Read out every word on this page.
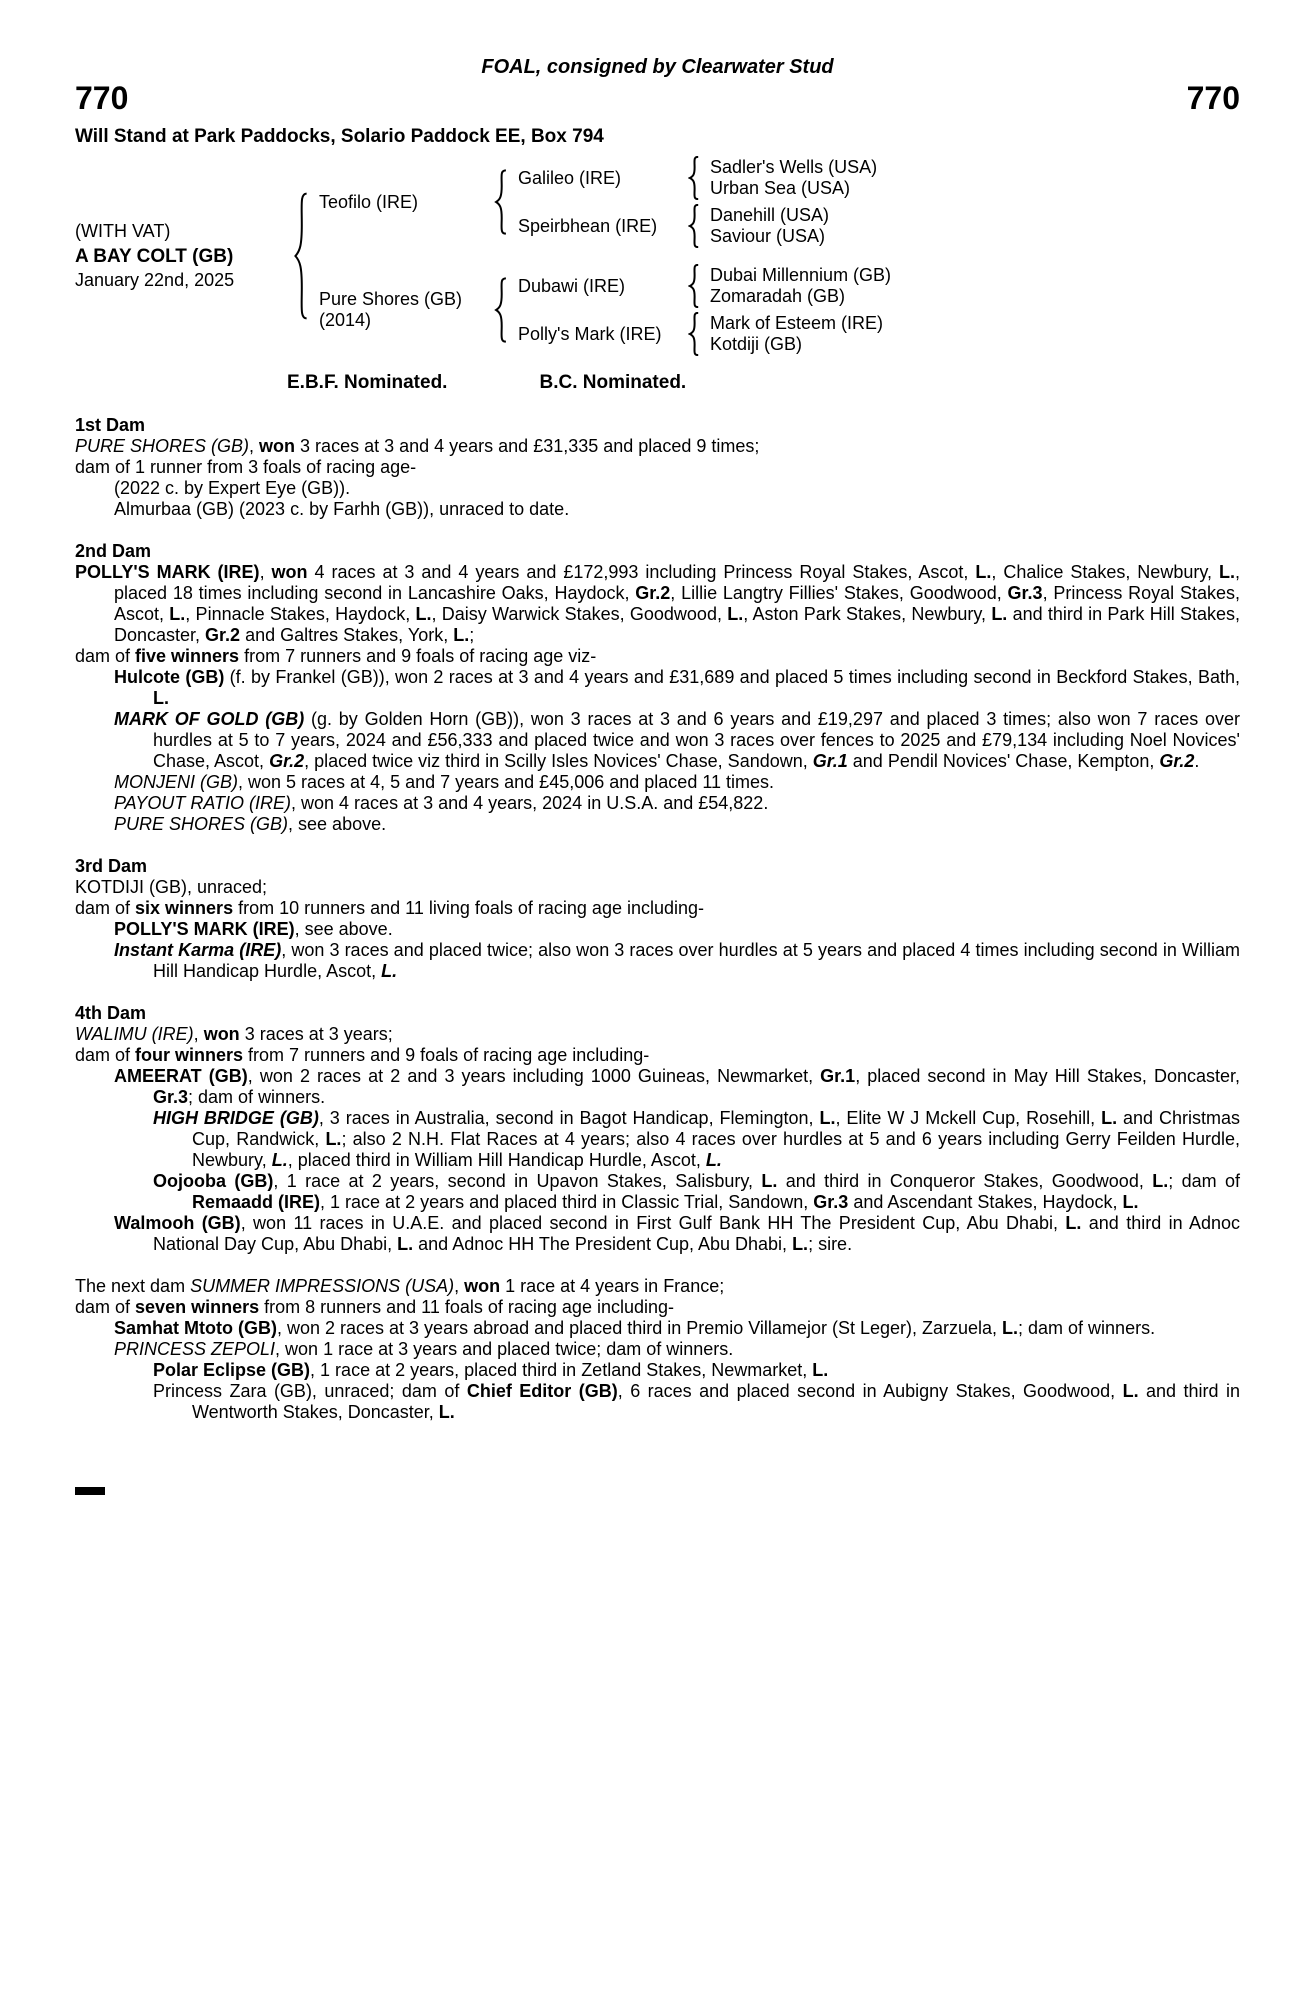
FOAL, consigned by Clearwater Stud
770	770
Will Stand at Park Paddocks, Solario Paddock EE, Box 794
(WITH VAT)
A BAY COLT (GB)
January 22nd, 2025
Teofilo (IRE)
Galileo (IRE)
Sadler's Wells (USA)
Urban Sea (USA)
Speirbhean (IRE)
Danehill (USA)
Saviour (USA)
Pure Shores (GB)
(2014)
Dubawi (IRE)
Dubai Millennium (GB)
Zomaradah (GB)
Polly's Mark (IRE)
Mark of Esteem (IRE)
Kotdiji (GB)
E.B.F. Nominated.	B.C. Nominated.
1st Dam

PURE SHORES (GB), won 3 races at 3 and 4 years and £31,335 and placed 9 times;

dam of 1 runner from 3 foals of racing age-

(2022 c. by Expert Eye (GB)).

Almurbaa (GB) (2023 c. by Farhh (GB)), unraced to date.

2nd Dam

POLLY'S MARK (IRE), won 4 races at 3 and 4 years and £172,993 including Princess Royal Stakes, Ascot, L., Chalice Stakes, Newbury, L., placed 18 times including second in Lancashire Oaks, Haydock, Gr.2, Lillie Langtry Fillies' Stakes, Goodwood, Gr.3, Princess Royal Stakes, Ascot, L., Pinnacle Stakes, Haydock, L., Daisy Warwick Stakes, Goodwood, L., Aston Park Stakes, Newbury, L. and third in Park Hill Stakes, Doncaster, Gr.2 and Galtres Stakes, York, L.;

dam of five winners from 7 runners and 9 foals of racing age viz-

Hulcote (GB) (f. by Frankel (GB)), won 2 races at 3 and 4 years and £31,689 and placed 5 times including second in Beckford Stakes, Bath, L.

MARK OF GOLD (GB) (g. by Golden Horn (GB)), won 3 races at 3 and 6 years and £19,297 and placed 3 times; also won 7 races over hurdles at 5 to 7 years, 2024 and £56,333 and placed twice and won 3 races over fences to 2025 and £79,134 including Noel Novices' Chase, Ascot, Gr.2, placed twice viz third in Scilly Isles Novices' Chase, Sandown, Gr.1 and Pendil Novices' Chase, Kempton, Gr.2.

MONJENI (GB), won 5 races at 4, 5 and 7 years and £45,006 and placed 11 times.

PAYOUT RATIO (IRE), won 4 races at 3 and 4 years, 2024 in U.S.A. and £54,822.

PURE SHORES (GB), see above.

3rd Dam

KOTDIJI (GB), unraced;

dam of six winners from 10 runners and 11 living foals of racing age including-

POLLY'S MARK (IRE), see above.

Instant Karma (IRE), won 3 races and placed twice; also won 3 races over hurdles at 5 years and placed 4 times including second in William Hill Handicap Hurdle, Ascot, L.

4th Dam

WALIMU (IRE), won 3 races at 3 years;

dam of four winners from 7 runners and 9 foals of racing age including-

AMEERAT (GB), won 2 races at 2 and 3 years including 1000 Guineas, Newmarket, Gr.1, placed second in May Hill Stakes, Doncaster, Gr.3; dam of winners.

HIGH BRIDGE (GB), 3 races in Australia, second in Bagot Handicap, Flemington, L., Elite W J Mckell Cup, Rosehill, L. and Christmas Cup, Randwick, L.; also 2 N.H. Flat Races at 4 years; also 4 races over hurdles at 5 and 6 years including Gerry Feilden Hurdle, Newbury, L., placed third in William Hill Handicap Hurdle, Ascot, L.

Oojooba (GB), 1 race at 2 years, second in Upavon Stakes, Salisbury, L. and third in Conqueror Stakes, Goodwood, L.; dam of Remaadd (IRE), 1 race at 2 years and placed third in Classic Trial, Sandown, Gr.3 and Ascendant Stakes, Haydock, L.

Walmooh (GB), won 11 races in U.A.E. and placed second in First Gulf Bank HH The President Cup, Abu Dhabi, L. and third in Adnoc National Day Cup, Abu Dhabi, L. and Adnoc HH The President Cup, Abu Dhabi, L.; sire.

The next dam SUMMER IMPRESSIONS (USA), won 1 race at 4 years in France;

dam of seven winners from 8 runners and 11 foals of racing age including-

Samhat Mtoto (GB), won 2 races at 3 years abroad and placed third in Premio Villamejor (St Leger), Zarzuela, L.; dam of winners.

PRINCESS ZEPOLI, won 1 race at 3 years and placed twice; dam of winners.

Polar Eclipse (GB), 1 race at 2 years, placed third in Zetland Stakes, Newmarket, L.

Princess Zara (GB), unraced; dam of Chief Editor (GB), 6 races and placed second in Aubigny Stakes, Goodwood, L. and third in Wentworth Stakes, Doncaster, L.
